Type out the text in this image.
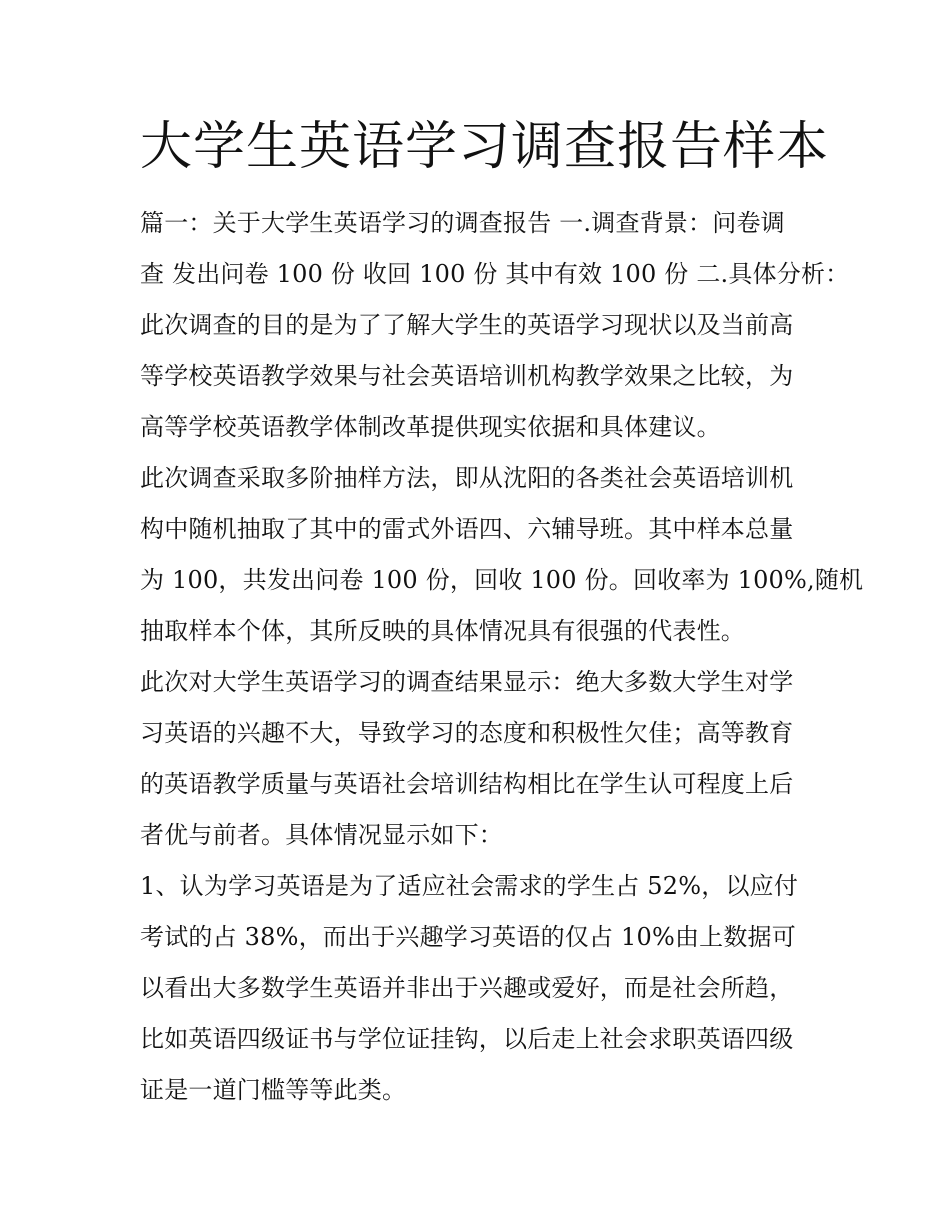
大学生英语学习调查报告样本
篇一：关于大学生英语学习的调查报告 一.调查背景：问卷调
查 发出问卷 100 份 收回 100 份 其中有效 100 份 二.具体分析：
此次调查的目的是为了了解大学生的英语学习现状以及当前高
等学校英语教学效果与社会英语培训机构教学效果之比较，为
高等学校英语教学体制改革提供现实依据和具体建议。
此次调查采取多阶抽样方法，即从沈阳的各类社会英语培训机
构中随机抽取了其中的雷式外语四、六辅导班。其中样本总量
为 100，共发出问卷 100 份，回收 100 份。回收率为 100%,随机
抽取样本个体，其所反映的具体情况具有很强的代表性。
此次对大学生英语学习的调查结果显示：绝大多数大学生对学
习英语的兴趣不大，导致学习的态度和积极性欠佳；高等教育
的英语教学质量与英语社会培训结构相比在学生认可程度上后
者优与前者。具体情况显示如下：
1、认为学习英语是为了适应社会需求的学生占 52%，以应付
考试的占 38%，而出于兴趣学习英语的仅占 10%由上数据可
以看出大多数学生英语并非出于兴趣或爱好，而是社会所趋，
比如英语四级证书与学位证挂钩，以后走上社会求职英语四级
证是一道门槛等等此类。
